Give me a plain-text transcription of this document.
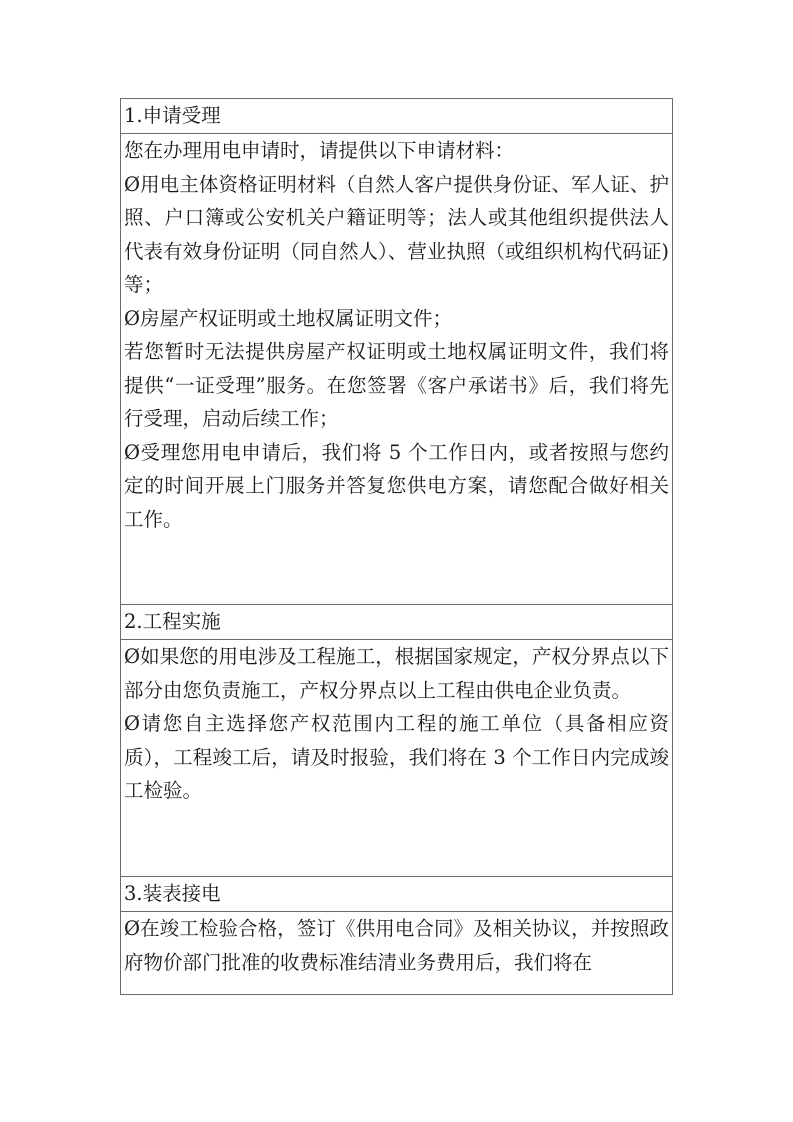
1.申请受理

您在办理用电申请时，请提供以下申请材料：
Ø用电主体资格证明材料（自然人客户提供身份证、军人证、护照、户口簿或公安机关户籍证明等；法人或其他组织提供法人代表有效身份证明（同自然人）、营业执照（或组织机构代码证)等；
Ø房屋产权证明或土地权属证明文件；
若您暂时无法提供房屋产权证明或土地权属证明文件，我们将提供“一证受理”服务。在您签署《客户承诺书》后，我们将先行受理，启动后续工作；
Ø受理您用电申请后，我们将 5 个工作日内，或者按照与您约定的时间开展上门服务并答复您供电方案，请您配合做好相关工作。

2.工程实施

Ø如果您的用电涉及工程施工，根据国家规定，产权分界点以下部分由您负责施工，产权分界点以上工程由供电企业负责。
Ø请您自主选择您产权范围内工程的施工单位（具备相应资质），工程竣工后，请及时报验，我们将在 3 个工作日内完成竣工检验。

3.装表接电

Ø在竣工检验合格，签订《供用电合同》及相关协议，并按照政府物价部门批准的收费标准结清业务费用后，我们将在
